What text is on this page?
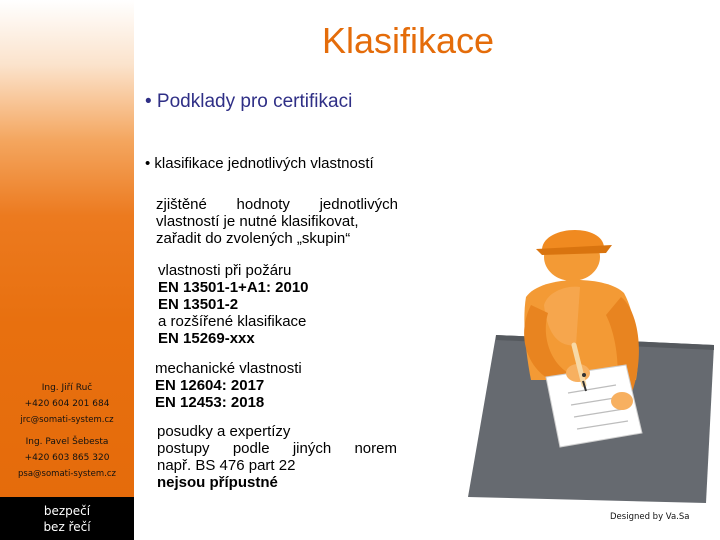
Ing. Jiří Ruč
+420 604 201 684
jrc@somati-system.cz
Ing. Pavel Šebesta
+420 603 865 320
psa@somati-system.cz
bezpečí
bez řečí
Klasifikace
• Podklady pro certifikaci
• klasifikace jednotlivých vlastností
zjištěné hodnoty jednotlivých
vlastností je nutné klasifikovat,
zařadit do zvolených „skupin“
vlastnosti při požáru
EN 13501-1+A1: 2010
EN 13501-2
a rozšířené klasifikace
EN 15269-xxx
mechanické vlastnosti
EN 12604: 2017
EN 12453: 2018
posudky a expertízy
postupy podle jiných norem
např. BS 476 part 22
nejsou přípustné
Designed by Va.Sa
